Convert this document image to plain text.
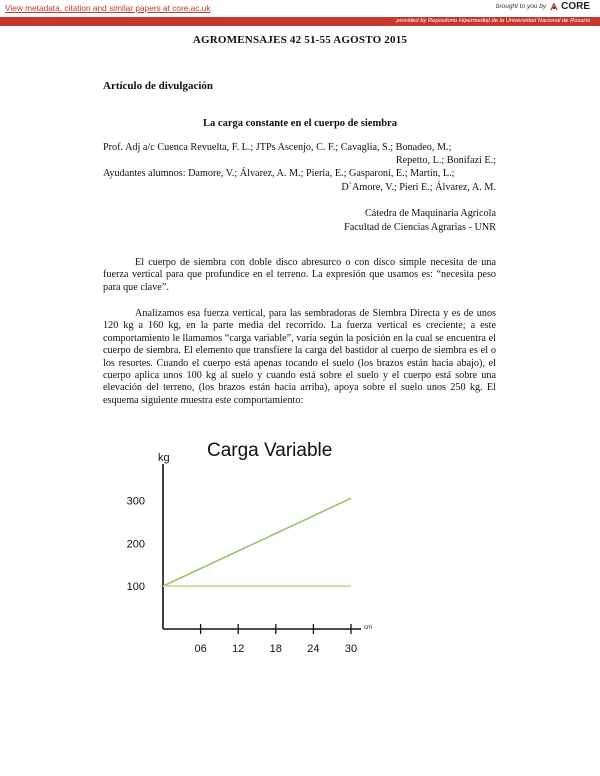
View metadata, citation and similar papers at core.ac.uk	brought to you by CORE
provided by Repositorio Hipermedial de la Universidad Nacional de Rosario
AGROMENSAJES 42 51-55 AGOSTO 2015
Artículo de divulgación
La carga constante en el cuerpo de siembra
Prof. Adj a/c Cuenca Revuelta, F. L.; JTPs Ascenjo, C. F.; Cavaglia, S.; Bonadeo, M.;
Repetto, L.; Bonifazi E.;
Ayudantes alumnos: Damore, V.; Álvarez, A. M.; Pieria, E.; Gasparoni, E.; Martín, L.;
D`Amore, V.; Pieri E.; Álvarez, A. M.
Cátedra de Maquinaria Agrícola
Facultad de Ciencias Agrarias - UNR

El cuerpo de siembra con doble disco abresurco o con disco simple necesita de una fuerza vertical para que profundice en el terreno. La expresión que usamos es: “necesita peso para que clave”.

Analizamos esa fuerza vertical, para las sembradoras de Siembra Directa y es de unos 120 kg a 160 kg, en la parte media del recorrido. La fuerza vertical es creciente; a este comportamiento le llamamos “carga variable”, varía según la posición en la cual se encuentra el cuerpo de siembra. El elemento que transfiere la carga del bastidor al cuerpo de siembra es el o los resortes. Cuando el cuerpo está apenas tocando el suelo (los brazos están hacia abajo), el cuerpo aplica unos 100 kg al suelo y cuando está sobre el suelo y el cuerpo está sobre una elevación del terreno, (los brazos están hacia arriba), apoya sobre el suelo unos 250 kg. El esquema siguiente muestra este comportamiento:

Carga Variable
kg
cm
06 12 18 24 30
100
200
300
